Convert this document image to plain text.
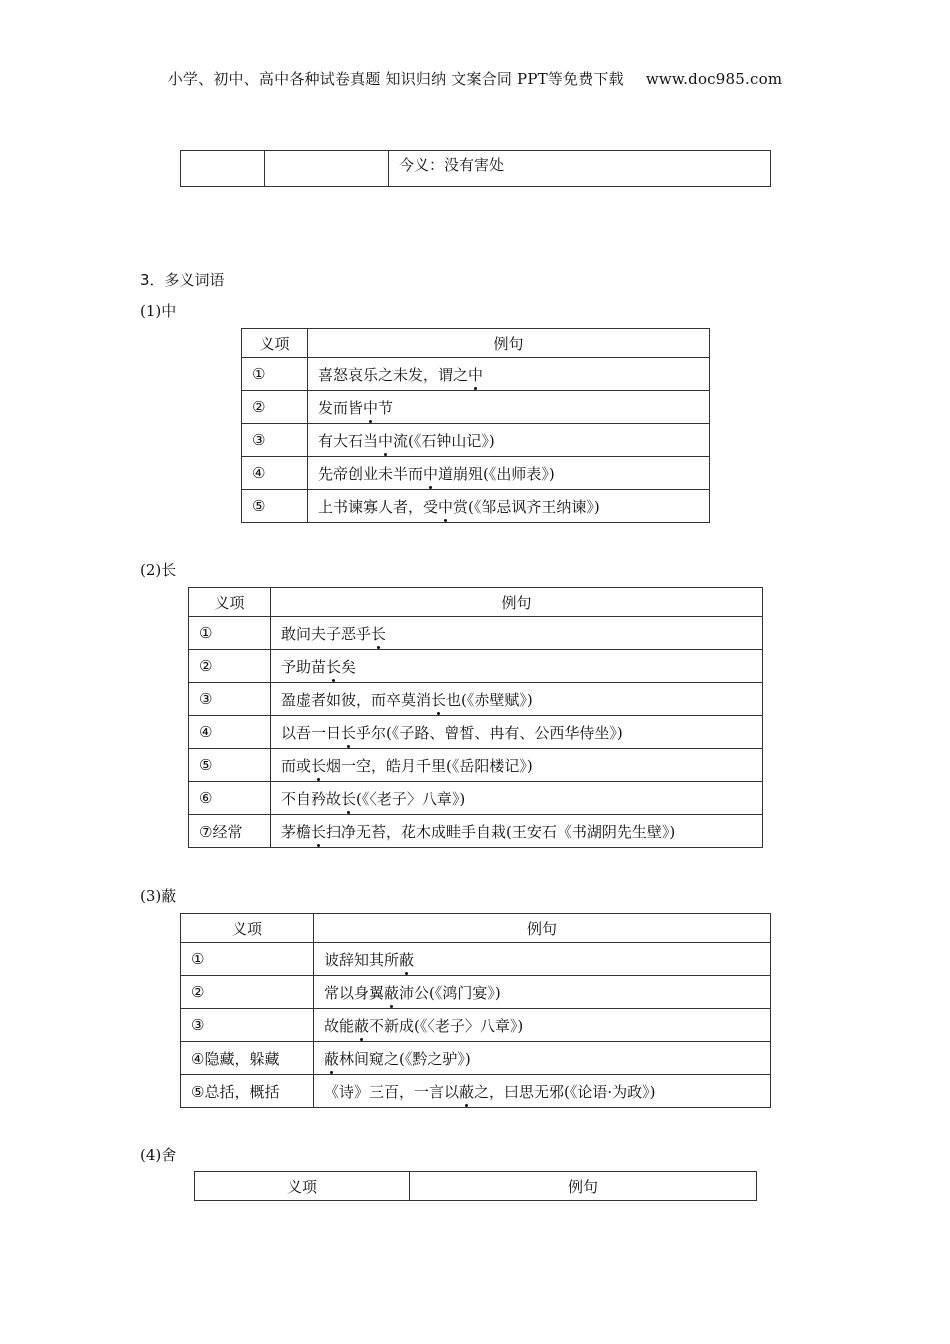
小学、初中、高中各种试卷真题 知识归纳 文案合同 PPT等免费下载 www.doc985.com
		今义：没有害处
3．多义词语
(1)中
义项	例句
①	喜怒哀乐之未发，谓之中
②	发而皆中节
③	有大石当中流(《石钟山记》)
④	先帝创业未半而中道崩殂(《出师表》)
⑤	上书谏寡人者，受中赏(《邹忌讽齐王纳谏》)
(2)长
义项	例句
①	敢问夫子恶乎长
②	予助苗长矣
③	盈虚者如彼，而卒莫消长也(《赤壁赋》)
④	以吾一日长乎尔(《子路、曾皙、冉有、公西华侍坐》)
⑤	而或长烟一空，皓月千里(《岳阳楼记》)
⑥	不自矜故长(《〈老子〉八章》)
⑦经常	茅檐长扫净无苔，花木成畦手自栽(王安石《书湖阴先生壁》)
(3)蔽
义项	例句
①	诐辞知其所蔽
②	常以身翼蔽沛公(《鸿门宴》)
③	故能蔽不新成(《〈老子〉八章》)
④隐藏，躲藏	蔽林间窥之(《黔之驴》)
⑤总括，概括	《诗》三百，一言以蔽之，曰思无邪(《论语·为政》)
(4)舍
义项	例句
